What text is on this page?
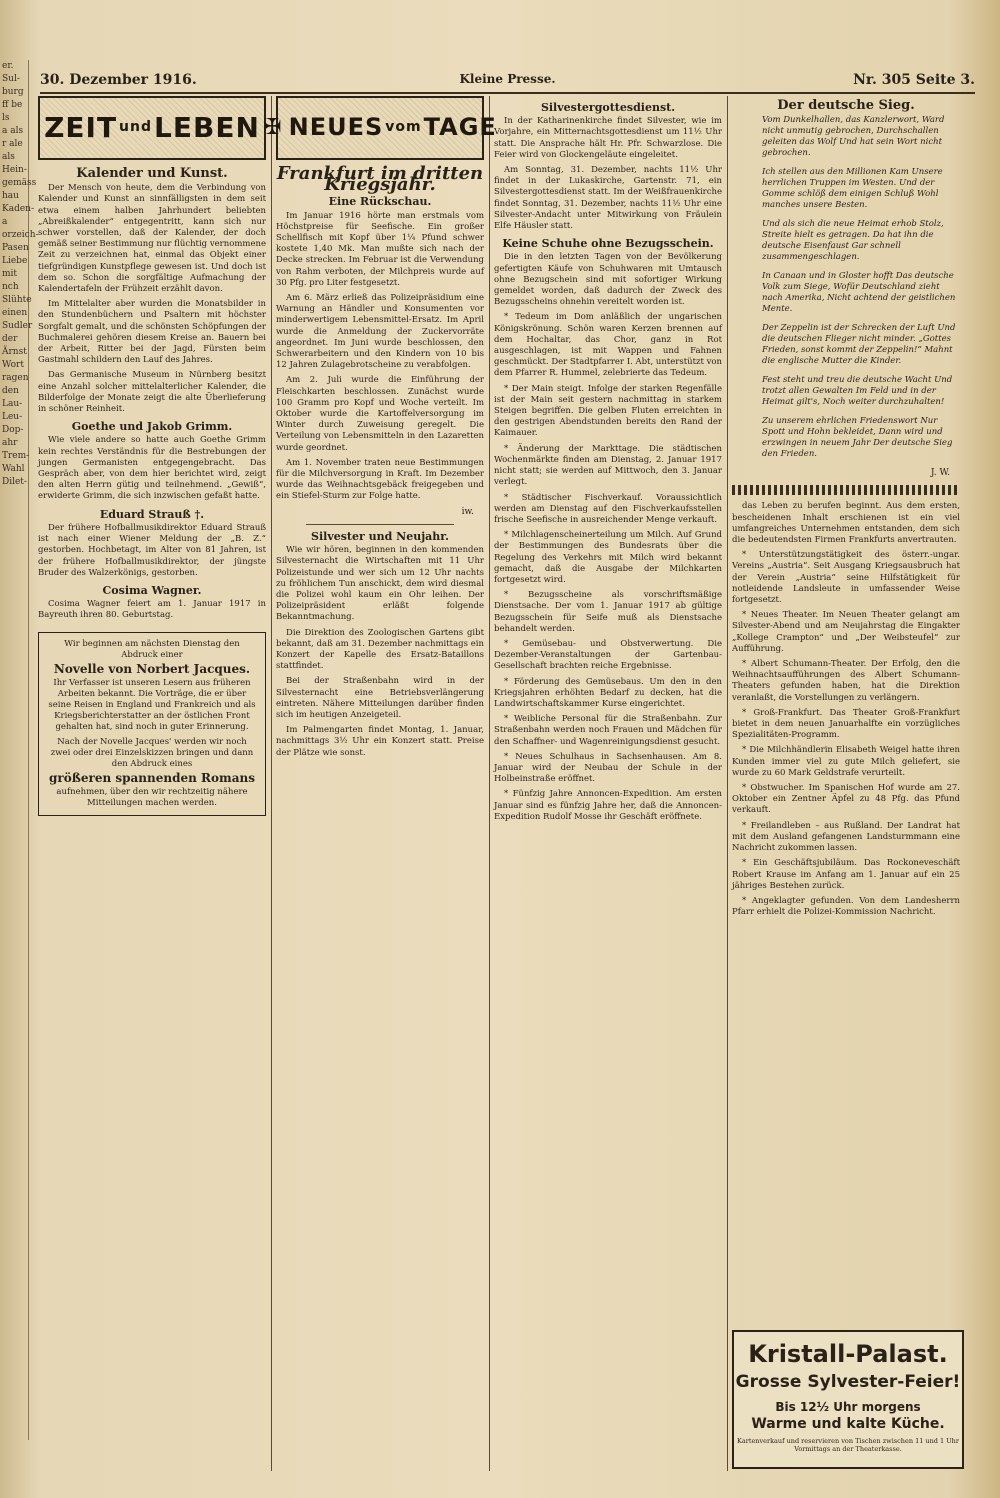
er.
Sul-
burg
ff be
ls
a als
r ale
als
Hein-
gemäss
hau
Kaden-
a
orzeich-
Pasen
Liebe
mit
nch
Slühte
einen
Sudler
der
Ärnst
Wort
ragen
den
Lau-
Leu-
Dop-
ahr
Trem-
Wahl
Dilet-
30. Dezember 1916.	Kleine Presse.	Nr. 305 Seite 3.
ZEIT und LEBEN
Kalender und Kunst.

Der Mensch von heute, dem die Verbindung von Kalender und Kunst an sinnfälligsten in dem seit etwa einem halben Jahrhundert beliebten „Abreißkalender“ entgegentritt, kann sich nur schwer vorstellen, daß der Kalender, der doch gemäß seiner Bestimmung nur flüchtig vernommene Zeit zu verzeichnen hat, einmal das Objekt einer tiefgründigen Kunstpflege gewesen ist. Und doch ist dem so. Schon die sorgfältige Aufmachung der Kalendertafeln der Frühzeit erzählt davon.

Im Mittelalter aber wurden die Monatsbilder in den Stundenbüchern und Psaltern mit höchster Sorgfalt gemalt, und die schönsten Schöpfungen der Buchmalerei gehören diesem Kreise an. Bauern bei der Arbeit, Ritter bei der Jagd, Fürsten beim Gastmahl schildern den Lauf des Jahres.

Das Germanische Museum in Nürnberg besitzt eine Anzahl solcher mittelalterlicher Kalender, die Bilderfolge der Monate zeigt die alte Überlieferung in schöner Reinheit.

Goethe und Jakob Grimm.

Wie viele andere so hatte auch Goethe Grimm kein rechtes Verständnis für die Bestrebungen der jungen Germanisten entgegengebracht. Das Gespräch aber, von dem hier berichtet wird, zeigt den alten Herrn gütig und teilnehmend. „Gewiß“, erwiderte Grimm, die sich inzwischen gefaßt hatte.

Eduard Strauß †.

Der frühere Hofballmusikdirektor Eduard Strauß ist nach einer Wiener Meldung der „B. Z.“ gestorben. Hochbetagt, im Alter von 81 Jahren, ist der frühere Hofballmusikdirektor, der jüngste Bruder des Walzerkönigs, gestorben.

Cosima Wagner.

Cosima Wagner feiert am 1. Januar 1917 in Bayreuth ihren 80. Geburtstag.

Wir beginnen am nächsten Dienstag den Abdruck einer
Novelle von Norbert Jacques.
Ihr Verfasser ist unseren Lesern aus früheren Arbeiten bekannt. Die Vorträge, die er über seine Reisen in England und Frankreich und als Kriegsberichterstatter an der östlichen Front gehalten hat, sind noch in guter Erinnerung.
Nach der Novelle Jacques' werden wir noch zwei oder drei Einzelskizzen bringen und dann den Abdruck eines
größeren spannenden Romans
aufnehmen, über den wir rechtzeitig nähere Mitteilungen machen werden.
✠ NEUES vom TAGE
Frankfurt im dritten Kriegsjahr.
Eine Rückschau.

Im Januar 1916 hörte man erstmals vom Höchstpreise für Seefische. Ein großer Schellfisch mit Kopf über 1¼ Pfund schwer kostete 1,40 Mk. Man mußte sich nach der Decke strecken. Im Februar ist die Verwendung von Rahm verboten, der Milchpreis wurde auf 30 Pfg. pro Liter festgesetzt.

Am 6. März erließ das Polizeipräsidium eine Warnung an Händler und Konsumenten vor minderwertigem Lebensmittel-Ersatz. Im April wurde die Anmeldung der Zuckervorräte angeordnet. Im Juni wurde beschlossen, den Schwerarbeitern und den Kindern von 10 bis 12 Jahren Zulagebrotscheine zu verabfolgen.

Am 2. Juli wurde die Einführung der Fleischkarten beschlossen. Zunächst wurde 100 Gramm pro Kopf und Woche verteilt. Im Oktober wurde die Kartoffelversorgung im Winter durch Zuweisung geregelt. Die Verteilung von Lebensmitteln in den Lazaretten wurde geordnet.

Am 1. November traten neue Bestimmungen für die Milchversorgung in Kraft. Im Dezember wurde das Weihnachtsgebäck freigegeben und ein Stiefel-Sturm zur Folge hatte.

iw.
Silvester und Neujahr.

Wie wir hören, beginnen in den kommenden Silvesternacht die Wirtschaften mit 11 Uhr Polizeistunde und wer sich um 12 Uhr nachts zu fröhlichem Tun anschickt, dem wird diesmal die Polizei wohl kaum ein Ohr leihen. Der Polizeipräsident erläßt folgende Bekanntmachung.

Die Direktion des Zoologischen Gartens gibt bekannt, daß am 31. Dezember nachmittags ein Konzert der Kapelle des Ersatz-Bataillons stattfindet.

Bei der Straßenbahn wird in der Silvesternacht eine Betriebsverlängerung eintreten. Nähere Mitteilungen darüber finden sich im heutigen Anzeigeteil.

Im Palmengarten findet Montag, 1. Januar, nachmittags 3½ Uhr ein Konzert statt. Preise der Plätze wie sonst.

Silvestergottesdienst.

In der Katharinenkirche findet Silvester, wie im Vorjahre, ein Mitternachtsgottesdienst um 11½ Uhr statt. Die Ansprache hält Hr. Pfr. Schwarzlose. Die Feier wird von Glockengeläute eingeleitet.

Am Sonntag, 31. Dezember, nachts 11½ Uhr findet in der Lukaskirche, Gartenstr. 71, ein Silvestergottesdienst statt. Im der Weißfrauenkirche findet Sonntag, 31. Dezember, nachts 11½ Uhr eine Silvester-Andacht unter Mitwirkung von Fräulein Elfe Häusler statt.

Keine Schuhe ohne Bezugsschein.

Die in den letzten Tagen von der Bevölkerung gefertigten Käufe von Schuhwaren mit Umtausch ohne Bezugschein sind mit sofortiger Wirkung gemeldet worden, daß dadurch der Zweck des Bezugsscheins ohnehin vereitelt worden ist.

* Tedeum im Dom anläßlich der ungarischen Königskrönung. Schön waren Kerzen brennen auf dem Hochaltar, das Chor, ganz in Rot ausgeschlagen, ist mit Wappen und Fahnen geschmückt. Der Stadtpfarrer I. Abt, unterstützt von dem Pfarrer R. Hummel, zelebrierte das Tedeum.

* Der Main steigt. Infolge der starken Regenfälle ist der Main seit gestern nachmittag in starkem Steigen begriffen. Die gelben Fluten erreichten in den gestrigen Abendstunden bereits den Rand der Kaimauer.

* Änderung der Markttage. Die städtischen Wochenmärkte finden am Dienstag, 2. Januar 1917 nicht statt; sie werden auf Mittwoch, den 3. Januar verlegt.

* Städtischer Fischverkauf. Voraussichtlich werden am Dienstag auf den Fischverkaufsstellen frische Seefische in ausreichender Menge verkauft.

* Milchlagenscheinerteilung um Milch. Auf Grund der Bestimmungen des Bundesrats über die Regelung des Verkehrs mit Milch wird bekannt gemacht, daß die Ausgabe der Milchkarten fortgesetzt wird.

* Bezugsscheine als vorschriftsmäßige Dienstsache. Der vom 1. Januar 1917 ab gültige Bezugsschein für Seife muß als Dienstsache behandelt werden.

* Gemüsebau- und Obstverwertung. Die Dezember-Veranstaltungen der Gartenbau-Gesellschaft brachten reiche Ergebnisse.

* Förderung des Gemüsebaus. Um den in den Kriegsjahren erhöhten Bedarf zu decken, hat die Landwirtschaftskammer Kurse eingerichtet.

* Weibliche Personal für die Straßenbahn. Zur Straßenbahn werden noch Frauen und Mädchen für den Schaffner- und Wagenreinigungsdienst gesucht.

* Neues Schulhaus in Sachsenhausen. Am 8. Januar wird der Neubau der Schule in der Holbeinstraße eröffnet.

* Fünfzig Jahre Annoncen-Expedition. Am ersten Januar sind es fünfzig Jahre her, daß die Annoncen-Expedition Rudolf Mosse ihr Geschäft eröffnete.

Der deutsche Sieg.
Vom Dunkelhallen, das Kanzlerwort, Ward nicht unmutig gebrochen, Durchschallen geleiten das Wolf Und hat sein Wort nicht gebrochen.
Ich stellen aus den Millionen Kam Unsere herrlichen Truppen im Westen. Und der Gomme schlöß dem einigen Schluß Wohl manches unsere Besten.
Und als sich die neue Heimat erhob Stolz, Streite hielt es getragen. Da hat ihn die deutsche Eisenfaust Gar schnell zusammengeschlagen.
In Canaan und in Gloster hofft Das deutsche Volk zum Siege, Wofür Deutschland zieht nach Amerika, Nicht achtend der geistlichen Mente.
Der Zeppelin ist der Schrecken der Luft Und die deutschen Flieger nicht minder. „Gottes Frieden, sonst kommt der Zeppelin!“ Mahnt die englische Mutter die Kinder.
Fest steht und treu die deutsche Wacht Und trotzt allen Gewalten Im Feld und in der Heimat gilt's, Noch weiter durchzuhalten!
Zu unserem ehrlichen Friedenswort Nur Spott und Hohn bekleidet, Dann wird und erzwingen in neuem Jahr Der deutsche Sieg den Frieden.
J. W.

das Leben zu berufen beginnt. Aus dem ersten, bescheidenen Inhalt erschienen ist ein viel umfangreiches Unternehmen entstanden, dem sich die bedeutendsten Firmen Frankfurts anvertrauten.

* Unterstützungstätigkeit des österr.-ungar. Vereins „Austria“. Seit Ausgang Kriegsausbruch hat der Verein „Austria“ seine Hilfstätigkeit für notleidende Landsleute in umfassender Weise fortgesetzt.

* Neues Theater. Im Neuen Theater gelangt am Silvester-Abend und am Neujahrstag die Eingakter „Kollege Crampton“ und „Der Weibsteufel“ zur Aufführung.

* Albert Schumann-Theater. Der Erfolg, den die Weihnachtsaufführungen des Albert Schumann-Theaters gefunden haben, hat die Direktion veranlaßt, die Vorstellungen zu verlängern.

* Groß-Frankfurt. Das Theater Groß-Frankfurt bietet in dem neuen Januarhalfte ein vorzügliches Spezialitäten-Programm.

* Die Milchhändlerin Elisabeth Weigel hatte ihren Kunden immer viel zu gute Milch geliefert, sie wurde zu 60 Mark Geldstrafe verurteilt.

* Obstwucher. Im Spanischen Hof wurde am 27. Oktober ein Zentner Äpfel zu 48 Pfg. das Pfund verkauft.

* Freilandleben – aus Rußland. Der Landrat hat mit dem Ausland gefangenen Landsturmmann eine Nachricht zukommen lassen.

* Ein Geschäftsjubiläum. Das Rockoneveschäft Robert Krause im Anfang am 1. Januar auf ein 25 jähriges Bestehen zurück.

* Angeklagter gefunden. Von dem Landesherrn Pfarr erhielt die Polizei-Kommission Nachricht.

Kristall-Palast.
Grosse Sylvester-Feier!
Bis 12½ Uhr morgens
Warme und kalte Küche.
Kartenverkauf und reservieren von Tischen zwischen 11 und 1 Uhr Vormittags an der Theaterkasse.
